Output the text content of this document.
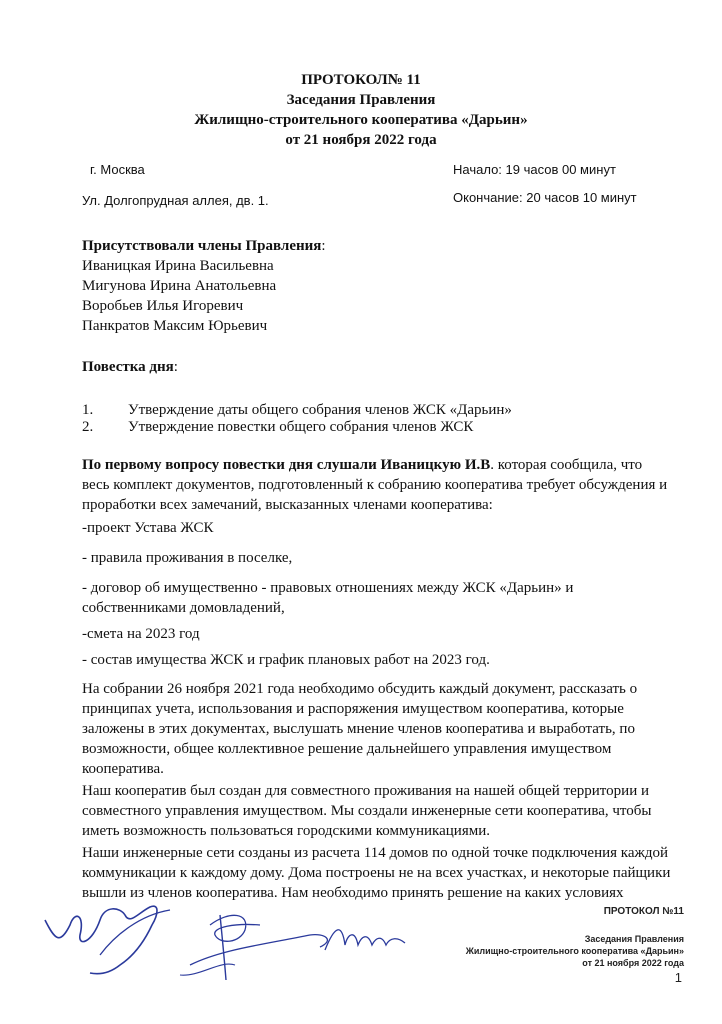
ПРОТОКОЛ№ 11
Заседания Правления
Жилищно-строительного кооператива «Дарьин»
от 21 ноября 2022 года
г. Москва
Ул. Долгопрудная аллея, дв. 1.
Начало: 19 часов 00 минут
Окончание: 20 часов 10 минут
Присутствовали члены Правления:
Иваницкая Ирина Васильевна
Мигунова Ирина Анатольевна
Воробьев Илья Игоревич
Панкратов Максим Юрьевич
Повестка дня:
1.	Утверждение даты общего собрания членов ЖСК «Дарьин»
2.	Утверждение повестки общего собрания членов ЖСК

По первому вопросу повестки дня слушали Иваницкую И.В. которая сообщила, что весь комплект документов, подготовленный к собранию кооператива требует обсуждения и проработки всех замечаний, высказанных членами кооператива:

-проект Устава ЖСК
- правила проживания в поселке,
- договор об имущественно - правовых отношениях между ЖСК «Дарьин» и собственниками домовладений,
-смета на 2023 год
- состав имущества ЖСК и график плановых работ на 2023 год.
На собрании 26 ноября 2021 года необходимо обсудить каждый документ, рассказать о принципах учета, использования и распоряжения имуществом кооператива, которые заложены в этих документах, выслушать мнение членов кооператива и выработать, по возможности, общее коллективное решение дальнейшего управления имуществом кооператива.
Наш кооператив был создан для совместного проживания на нашей общей территории и совместного управления имуществом. Мы создали инженерные сети кооператива, чтобы иметь возможность пользоваться городскими коммуникациями.
Наши инженерные сети созданы из расчета 114 домов по одной точке подключения каждой коммуникации к каждому дому. Дома построены не на всех участках, и некоторые пайщики вышли из членов кооператива. Нам необходимо принять решение на каких условиях
ПРОТОКОЛ №11
Заседания Правления
Жилищно-строительного кооператива «Дарьин»
от 21 ноября 2022 года
1
